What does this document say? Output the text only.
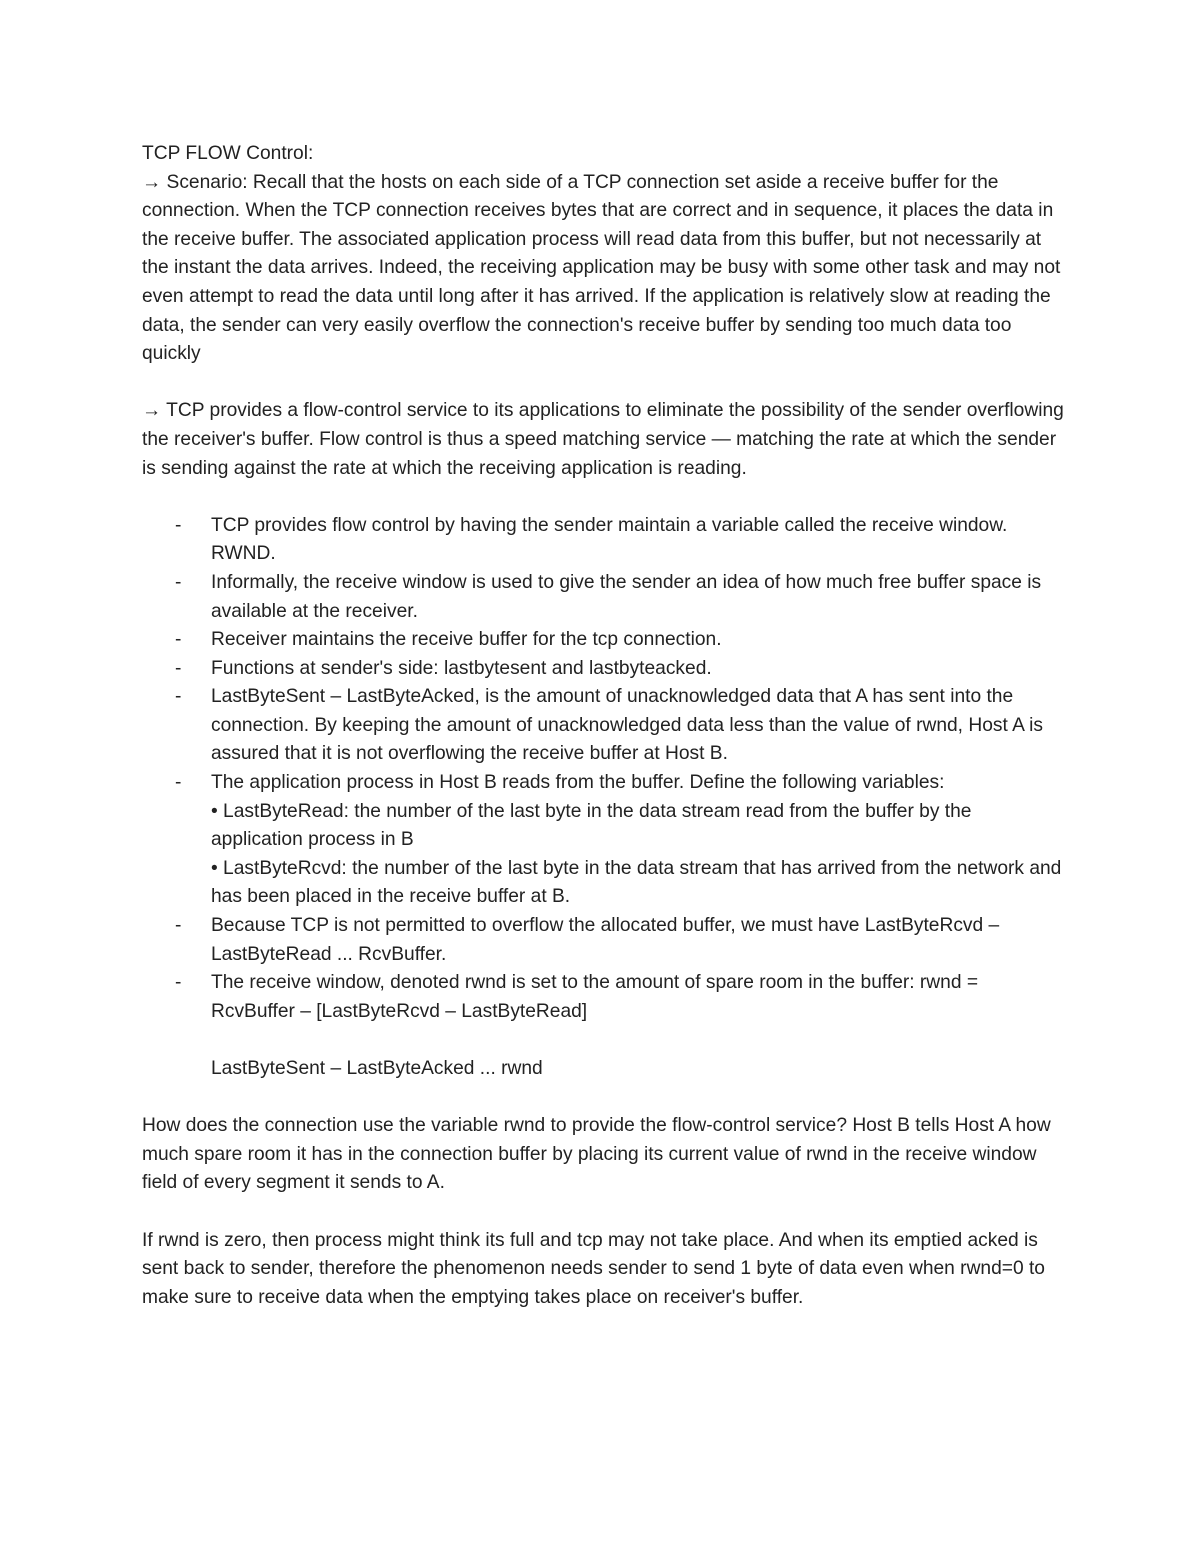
TCP FLOW Control:

→ Scenario: Recall that the hosts on each side of a TCP connection set aside a receive buffer for the connection. When the TCP connection receives bytes that are correct and in sequence, it places the data in the receive buffer. The associated application process will read data from this buffer, but not necessarily at the instant the data arrives. Indeed, the receiving application may be busy with some other task and may not even attempt to read the data until long after it has arrived. If the application is relatively slow at reading the data, the sender can very easily overflow the connection's receive buffer by sending too much data too quickly

→ TCP provides a flow-control service to its applications to eliminate the possibility of the sender overflowing the receiver's buffer. Flow control is thus a speed matching service — matching the rate at which the sender is sending against the rate at which the receiving application is reading.

- TCP provides flow control by having the sender maintain a variable called the receive window. RWND.
- Informally, the receive window is used to give the sender an idea of how much free buffer space is available at the receiver.
- Receiver maintains the receive buffer for the tcp connection.
- Functions at sender's side: lastbytesent and lastbyteacked.
- LastByteSent – LastByteAcked, is the amount of unacknowledged data that A has sent into the connection. By keeping the amount of unacknowledged data less than the value of rwnd, Host A is assured that it is not overflowing the receive buffer at Host B.
- The application process in Host B reads from the buffer. Define the following variables:
• LastByteRead: the number of the last byte in the data stream read from the buffer by the application process in B
• LastByteRcvd: the number of the last byte in the data stream that has arrived from the network and has been placed in the receive buffer at B.
- Because TCP is not permitted to overflow the allocated buffer, we must have LastByteRcvd – LastByteRead ... RcvBuffer.
- The receive window, denoted rwnd is set to the amount of spare room in the buffer: rwnd = RcvBuffer – [LastByteRcvd – LastByteRead]

LastByteSent – LastByteAcked ... rwnd

How does the connection use the variable rwnd to provide the flow-control service? Host B tells Host A how much spare room it has in the connection buffer by placing its current value of rwnd in the receive window field of every segment it sends to A.

If rwnd is zero, then process might think its full and tcp may not take place. And when its emptied acked is sent back to sender, therefore the phenomenon needs sender to send 1 byte of data even when rwnd=0 to make sure to receive data when the emptying takes place on receiver's buffer.
